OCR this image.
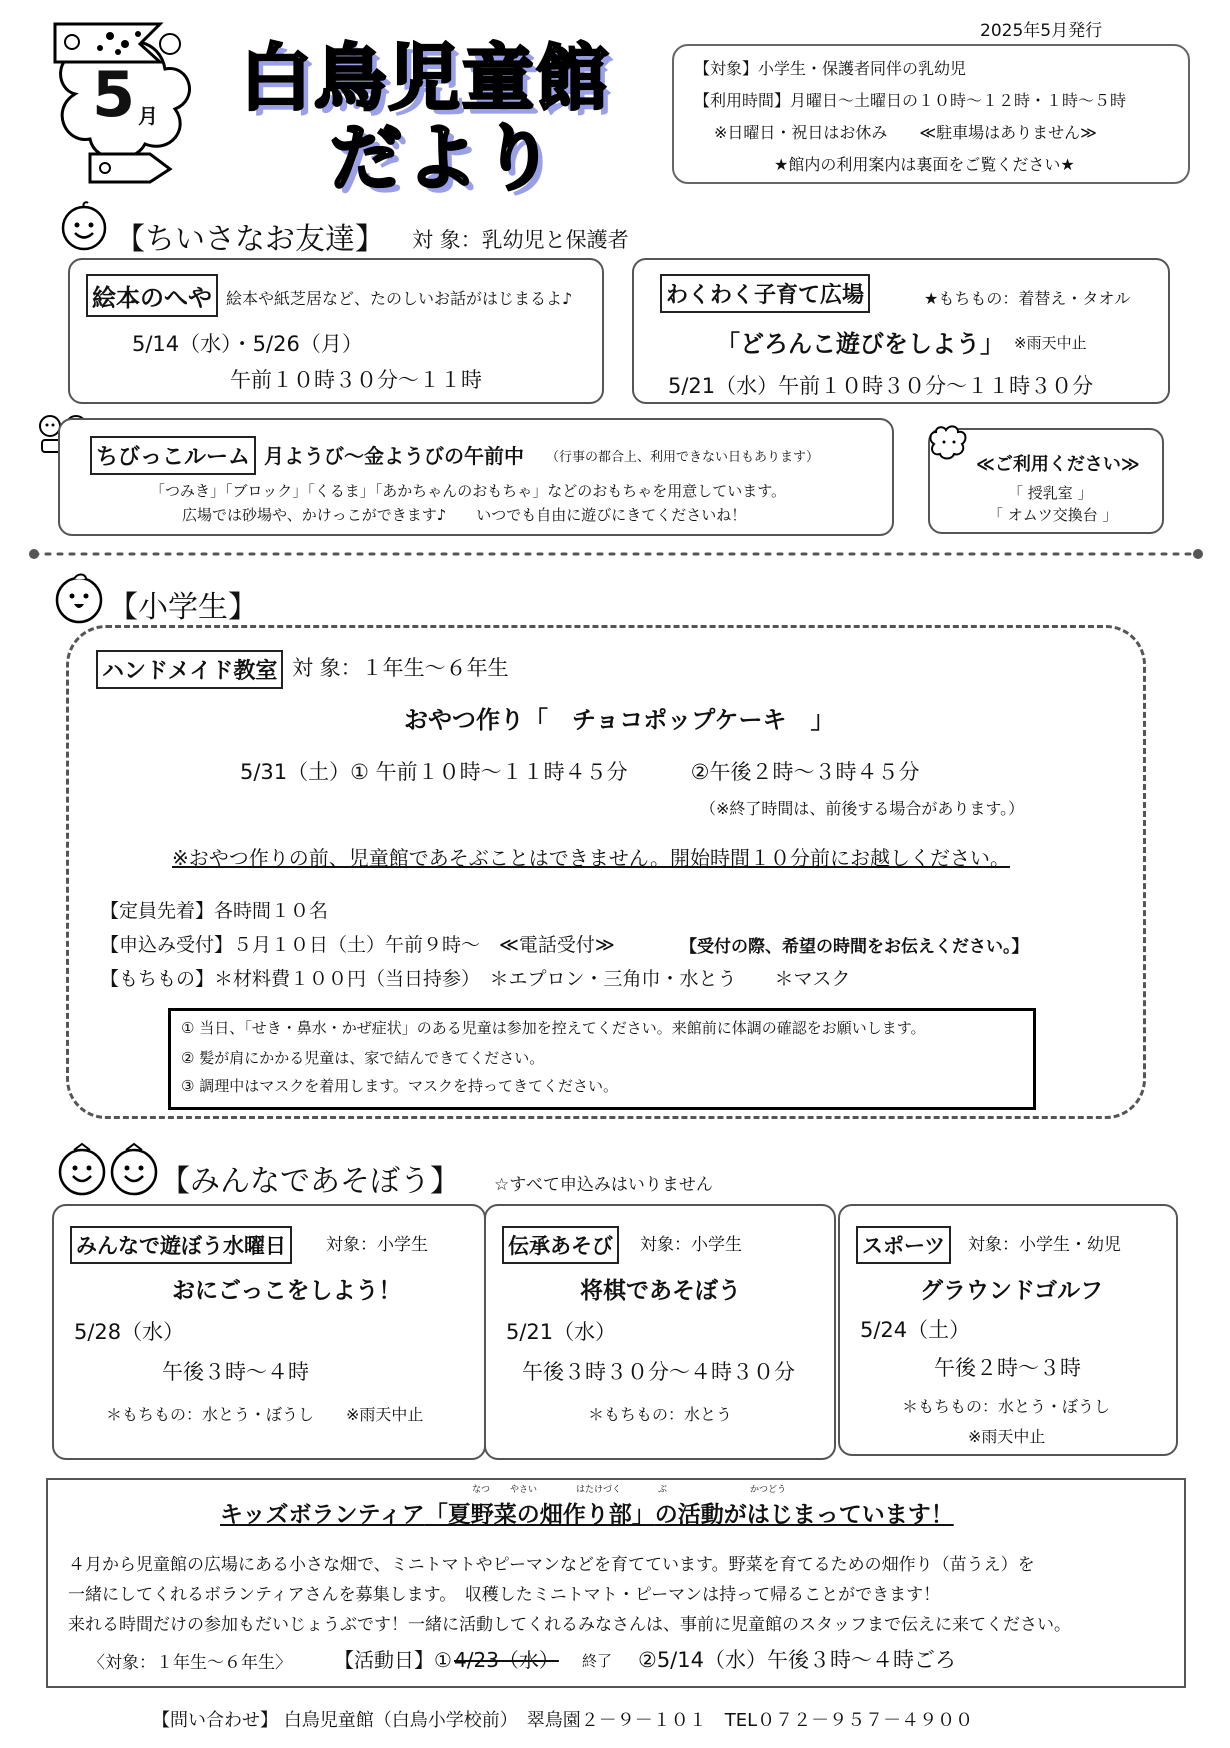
5 月 白鳥児童館
だより
2025年5月発行
【対象】小学生・保護者同伴の乳幼児
【利用時間】月曜日～土曜日の１０時～１２時・１時～５時
※日曜日・祝日はお休み　　≪駐車場はありません≫
★館内の利用案内は裏面をご覧ください★
【ちいさなお友達】 対 象：乳幼児と保護者
絵本のへや 絵本や紙芝居など、たのしいお話がはじまるよ♪
5/14（水）・5/26（月）
午前１０時３０分～１１時
わくわく子育て広場	★もちもの：着替え・タオル
「どろんこ遊びをしよう」 ※雨天中止
5/21（水）午前１０時３０分～１１時３０分
ちびっこルーム 月ようび～金ようびの午前中 （行事の都合上、利用できない日もあります）
「つみき」「ブロック」「くるま」「あかちゃんのおもちゃ」などのおもちゃを用意しています。
広場では砂場や、かけっこができます♪　　いつでも自由に遊びにきてくださいね！
≪ご利用ください≫
「 授乳室 」
「 オムツ交換台 」
【小学生】
ハンドメイド教室 対 象：１年生～６年生
おやつ作り「　チョコポップケーキ　」
5/31（土）① 午前１０時～１１時４５分　　　②午後２時～３時４５分
（※終了時間は、前後する場合があります。）
※おやつ作りの前、児童館であそぶことはできません。開始時間１０分前にお越しください。
【定員先着】各時間１０名
【申込み受付】５月１０日（土）午前９時～　≪電話受付≫	【受付の際、希望の時間をお伝えください。】
【もちもの】＊材料費１００円（当日持参）　＊エプロン・三角巾・水とう　　＊マスク
① 当日、「せき・鼻水・かぜ症状」のある児童は参加を控えてください。来館前に体調の確認をお願いします。
② 髪が肩にかかる児童は、家で結んできてください。
③ 調理中はマスクを着用します。マスクを持ってきてください。
【みんなであそぼう】 ☆すべて申込みはいりません
みんなで遊ぼう水曜日	対象：小学生
おにごっこをしよう！
5/28（水）
午後３時～４時
＊もちもの：水とう・ぼうし　　※雨天中止
伝承あそび	対象：小学生
将棋であそぼう
5/21（水）
午後３時３０分～４時３０分
＊もちもの：水とう
スポーツ	対象：小学生・幼児
グラウンドゴルフ
5/24（土）
午後２時～３時
＊もちもの：水とう・ぼうし
※雨天中止
なつ やさい	はたけづく	ぶ	かつどう
キッズボランティア「夏野菜の畑作り部」の活動がはじまっています！
４月から児童館の広場にある小さな畑で、ミニトマトやピーマンなどを育てています。野菜を育てるための畑作り（苗うえ）を
一緒にしてくれるボランティアさんを募集します。　収穫したミニトマト・ピーマンは持って帰ることができます！
来れる時間だけの参加もだいじょうぶです！一緒に活動してくれるみなさんは、事前に児童館のスタッフまで伝えに来てください。
〈対象：１年生～６年生〉 【活動日】① 4/23（水） 終了 ②5/14（水）午後３時～４時ごろ
【問い合わせ】 白鳥児童館（白鳥小学校前）　翠鳥園２－９－１０１　TEL０７２－９５７－４９００
